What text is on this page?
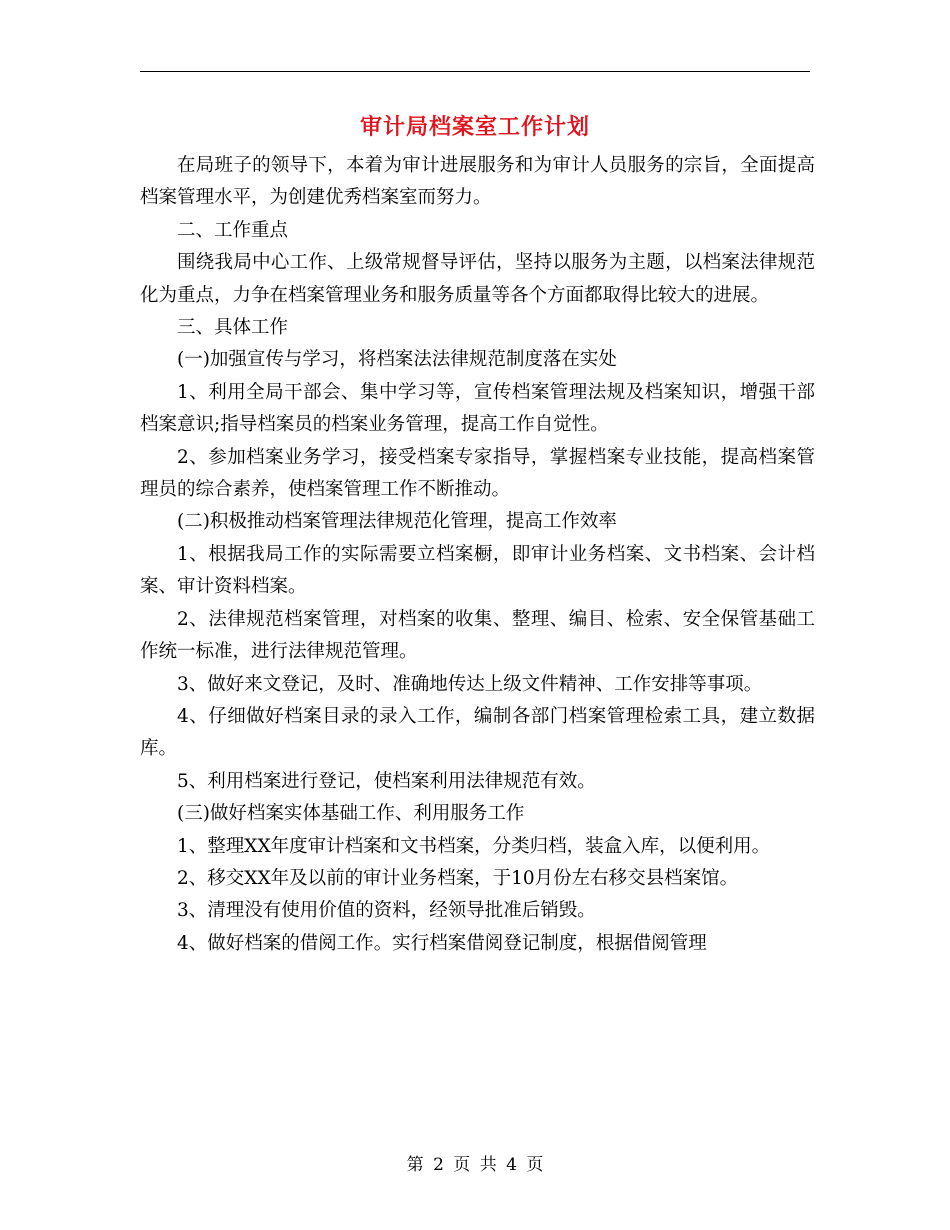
审计局档案室工作计划

在局班子的领导下，本着为审计进展服务和为审计人员服务的宗旨，全面提高档案管理水平，为创建优秀档案室而努力。

二、工作重点

围绕我局中心工作、上级常规督导评估，坚持以服务为主题，以档案法律规范化为重点，力争在档案管理业务和服务质量等各个方面都取得比较大的进展。

三、具体工作

(一)加强宣传与学习，将档案法法律规范制度落在实处

1、利用全局干部会、集中学习等，宣传档案管理法规及档案知识，增强干部档案意识;指导档案员的档案业务管理，提高工作自觉性。

2、参加档案业务学习，接受档案专家指导，掌握档案专业技能，提高档案管理员的综合素养，使档案管理工作不断推动。

(二)积极推动档案管理法律规范化管理，提高工作效率

1、根据我局工作的实际需要立档案橱，即审计业务档案、文书档案、会计档案、审计资料档案。

2、法律规范档案管理，对档案的收集、整理、编目、检索、安全保管基础工作统一标准，进行法律规范管理。

3、做好来文登记，及时、准确地传达上级文件精神、工作安排等事项。

4、仔细做好档案目录的录入工作，编制各部门档案管理检索工具，建立数据库。

5、利用档案进行登记，使档案利用法律规范有效。

(三)做好档案实体基础工作、利用服务工作

1、整理XX年度审计档案和文书档案，分类归档，装盒入库，以便利用。

2、移交XX年及以前的审计业务档案，于10月份左右移交县档案馆。

3、清理没有使用价值的资料，经领导批准后销毁。

4、做好档案的借阅工作。实行档案借阅登记制度，根据借阅管理

第 2 页 共 4 页
